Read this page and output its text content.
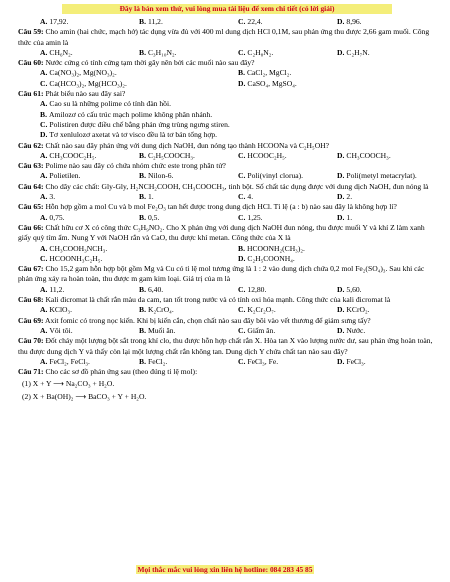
Đây là bản xem thử, vui lòng mua tài liệu để xem chi tiết (có lời giải)
A. 17,92.	B. 11,2.	C. 22,4.	D. 8,96.
Câu 59: Cho amin (hai chức, mạch hở) tác dụng vừa đủ với 400 ml dung dịch HCl 0,1M, sau phản ứng thu được 2,66 gam muối. Công thức của amin là
A. CH₆N₂.	B. C₃H₁₀N₂.	C. C₂H₈N₂.	D. C₂H₇N.
Câu 60: Nước cứng có tính cứng tạm thời gây nên bởi các muối nào sau đây?
A. Ca(NO₃)₂, Mg(NO₃)₂.	B. CaCl₂, MgCl₂.
C. Ca(HCO₃)₂, Mg(HCO₃)₂.	D. CaSO₄, MgSO₄.
Câu 61: Phát biểu nào sau đây sai?
A. Cao su là những polime có tính đàn hồi.
B. Amilozơ có cấu trúc mạch polime không phân nhánh.
C. Polistiren được điều chế bằng phản ứng trùng ngưng stiren.
D. Tơ xenlulozơ axetat và tơ visco đều là tơ bán tổng hợp.
Câu 62: Chất nào sau đây phản ứng với dung dịch NaOH, đun nóng tạo thành HCOONa và C₂H₅OH?
A. CH₃COOC₂H₅.	B. C₂H₅COOCH₃.	C. HCOOC₂H₅.	D. CH₃COOCH₃.
Câu 63: Polime nào sau đây có chứa nhóm chức este trong phân tử?
A. Polietilen.	B. Nilon-6.	C. Poli(vinyl clorua).	D. Poli(metyl metacrylat).
Câu 64: Cho dãy các chất: Gly-Gly, H₂NCH₂COOH, CH₃COOCH₃, tinh bột. Số chất tác dụng được với dung dịch NaOH, đun nóng là
A. 3.	B. 1.	C. 4.	D. 2.
Câu 65: Hỗn hợp gồm a mol Cu và b mol Fe₂O₃ tan hết được trong dung dịch HCl. Tỉ lệ (a : b) nào sau đây là không hợp lí?
A. 0,75.	B. 0,5.	C. 1,25.	D. 1.
Câu 66: Chất hữu cơ X có công thức C₃H₉NO₂. Cho X phản ứng với dung dịch NaOH đun nóng, thu được muối Y và khí Z làm xanh giấy quỳ tím ẩm. Nung Y với NaOH rắn và CaO, thu được khí metan. Công thức của X là
A. CH₃COOH₃NCH₃.	B. HCOONH₂(CH₃)₂.
C. HCOONH₃C₂H₅.	D. C₂H₅COONH₄.
Câu 67: Cho 15,2 gam hỗn hợp bột gồm Mg và Cu có tỉ lệ mol tương ứng là 1 : 2 vào dung dịch chứa 0,2 mol Fe₂(SO₄)₃. Sau khi các phản ứng xảy ra hoàn toàn, thu được m gam kim loại. Giá trị của m là
A. 11,2.	B. 6,40.	C. 12,80.	D. 5,60.
Câu 68: Kali đicromat là chất rắn màu da cam, tan tốt trong nước và có tính oxi hóa mạnh. Công thức của kali đicromat là
A. KClO₃.	B. K₂CrO₄.	C. K₂Cr₂O₇.	D. KCrO₂.
Câu 69: Axit fomic có trong nọc kiến. Khi bị kiến cắn, chọn chất nào sau đây bôi vào vết thương để giảm sưng tấy?
A. Vôi tôi.	B. Muối ăn.	C. Giấm ăn.	D. Nước.
Câu 70: Đốt cháy một lượng bột sắt trong khí clo, thu được hỗn hợp chất rắn X. Hòa tan X vào lượng nước dư, sau phản ứng hoàn toàn, thu được dung dịch Y và thấy còn lại một lượng chất rắn không tan. Dung dịch Y chứa chất tan nào sau đây?
A. FeCl₂, FeCl₃.	B. FeCl₂.	C. FeCl₃, Fe.	D. FeCl₃.
Câu 71: Cho các sơ đồ phản ứng sau (theo đúng tỉ lệ mol):
(1) X + Y ⟶ Na₂CO₃ + H₂O.
(2) X + Ba(OH)₂ ⟶ BaCO₃ + Y + H₂O.
Mọi thắc mắc vui lòng xin liên hệ hotline: 084 283 45 85
